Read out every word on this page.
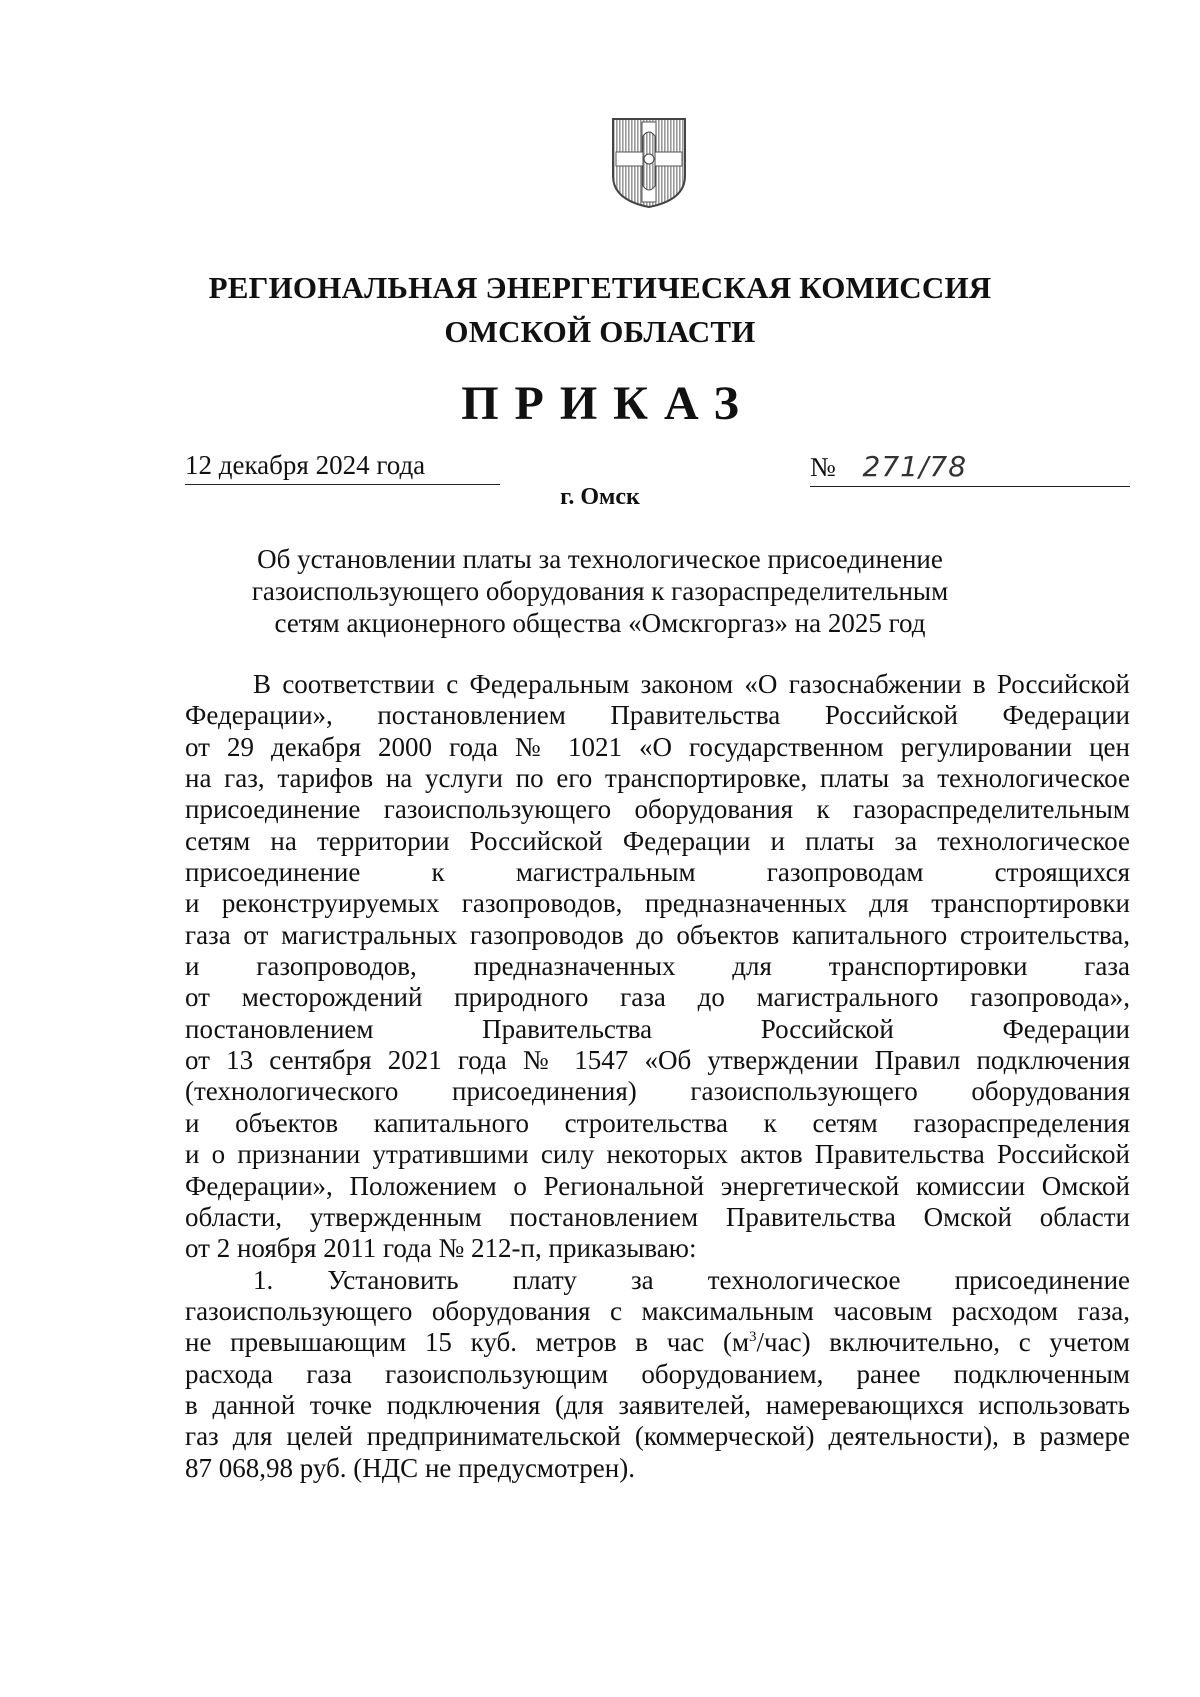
РЕГИОНАЛЬНАЯ ЭНЕРГЕТИЧЕСКАЯ КОМИССИЯ
ОМСКОЙ ОБЛАСТИ
ПРИКАЗ
12 декабря 2024 года	№ 271/78
г. Омск
Об установлении платы за технологическое присоединение
газоиспользующего оборудования к газораспределительным
сетям акционерного общества «Омскгоргаз» на 2025 год
В соответствии с Федеральным законом «О газоснабжении в Российской
Федерации», постановлением Правительства Российской Федерации
от 29 декабря 2000 года № 1021 «О государственном регулировании цен
на газ, тарифов на услуги по его транспортировке, платы за технологическое
присоединение газоиспользующего оборудования к газораспределительным
сетям на территории Российской Федерации и платы за технологическое
присоединение к магистральным газопроводам строящихся
и реконструируемых газопроводов, предназначенных для транспортировки
газа от магистральных газопроводов до объектов капитального строительства,
и газопроводов, предназначенных для транспортировки газа
от месторождений природного газа до магистрального газопровода»,
постановлением Правительства Российской Федерации
от 13 сентября 2021 года № 1547 «Об утверждении Правил подключения
(технологического присоединения) газоиспользующего оборудования
и объектов капитального строительства к сетям газораспределения
и о признании утратившими силу некоторых актов Правительства Российской
Федерации», Положением о Региональной энергетической комиссии Омской
области, утвержденным постановлением Правительства Омской области
от 2 ноября 2011 года № 212-п, приказываю:
1. Установить плату за технологическое присоединение
газоиспользующего оборудования с максимальным часовым расходом газа,
не превышающим 15 куб. метров в час $(м^3/час)$ включительно, с учетом
расхода газа газоиспользующим оборудованием, ранее подключенным
в данной точке подключения (для заявителей, намеревающихся использовать
газ для целей предпринимательской (коммерческой) деятельности), в размере
87 068,98 руб. (НДС не предусмотрен).
